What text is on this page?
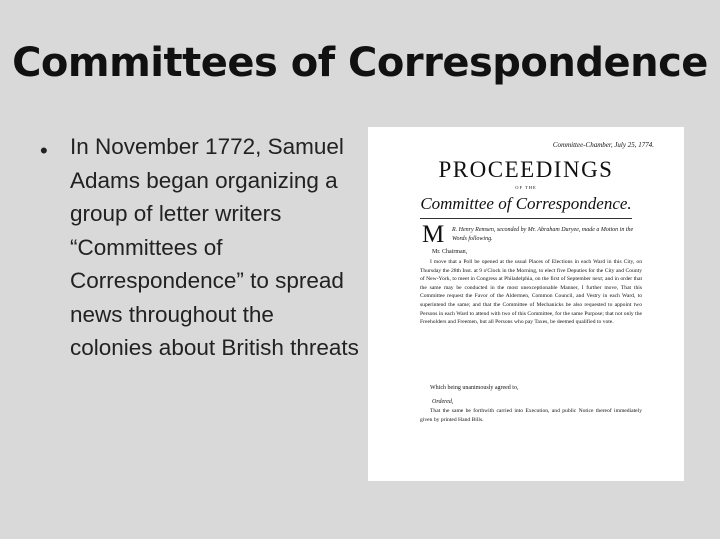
Committees of Correspondence
• In November 1772, Samuel Adams began organizing a group of letter writers “Committees of Correspondence” to spread news throughout the colonies about British threats
Committee-Chamber, July 25, 1774.
PROCEEDINGS
OF THE
Committee of Correspondence.
M R. Henry Remsen, seconded by Mr. Abraham Duryee, made a Motion in the Words following.
Mr. Chairman,
I move that a Poll be opened at the usual Places of Elections in each Ward in this City, on Thursday the 28th Inst. at 9 o'Clock in the Morning, to elect five Deputies for the City and County of New-York, to meet in Congress at Philadelphia, on the first of September next; and in order that the same may be conducted in the most unexceptionable Manner, I further move, That this Committee request the Favor of the Aldermen, Common Council, and Vestry in each Ward, to superintend the same; and that the Committee of Mechanicks be also requested to appoint two Persons in each Ward to attend with two of this Committee, for the same Purpose; that not only the Freeholders and Freemen, but all Persons who pay Taxes, be deemed qualified to vote.
Which being unanimously agreed to,
Ordered,
That the same be forthwith carried into Execution, and public Notice thereof immediately given by printed Hand Bills.
